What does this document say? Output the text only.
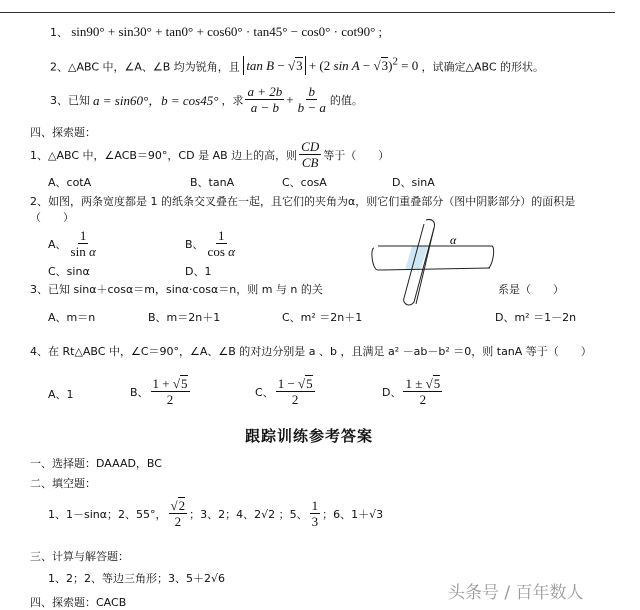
1、 sin90° + sin30° + tan0° + cos60° · tan45° − cos0° · cot90° ;
2、△ABC 中，∠A、∠B 均为锐角，且 tan B − √3 + (2 sin A − √3)$^2$ = 0 ，试确定△ABC 的形状。
3、已知 a = sin60°，b = cos45° ，求 $\frac{a + 2b}{a - b} + \frac{b}{b - a}$ 的值。
四、探索题：
1、△ABC 中，∠ACB＝90°，CD 是 AB 边上的高，则 $\frac{CD}{CB}$ 等于（　　）
A、cotA	B、tanA	C、cosA	D、sinA
2、如图，两条宽度都是 1 的纸条交叉叠在一起，且它们的夹角为α，则它们重叠部分（图中阴影部分）的面积是
（　　）
A、 $\frac{1}{\text{sin α}}$	B、 $\frac{1}{\text{cos α}}$
C、sinα	D、1
α
3、已知 sinα＋cosα＝m，sinα·cosα＝n，则 m 与 n 的关	系是（　　）
A、m＝n	B、m＝2n＋1	C、m² ＝2n＋1	D、m² ＝1－2n
4、在 Rt△ABC 中，∠C＝90°，∠A、∠B 的对边分别是 a 、b ，且满足 a² －ab－b² ＝0，则 tanA 等于（　　）
A、1	B、 $\frac{1 + √5}{2}$	C、 $\frac{1 - √5}{2}$	D、 $\frac{1 \pm √5}{2}$
跟踪训练参考答案
一、选择题：DAAAD，BC
二、填空题：
1、1－sinα；2、55°， $\frac{√2}{2}$ ；3、2；4、2√2 ；5、 $\frac{1}{3}$ ；6、1＋√3
三、计算与解答题：
1、2；2、等边三角形；3、5＋2√6
四、探索题：CACB	头条号 / 百年数人
